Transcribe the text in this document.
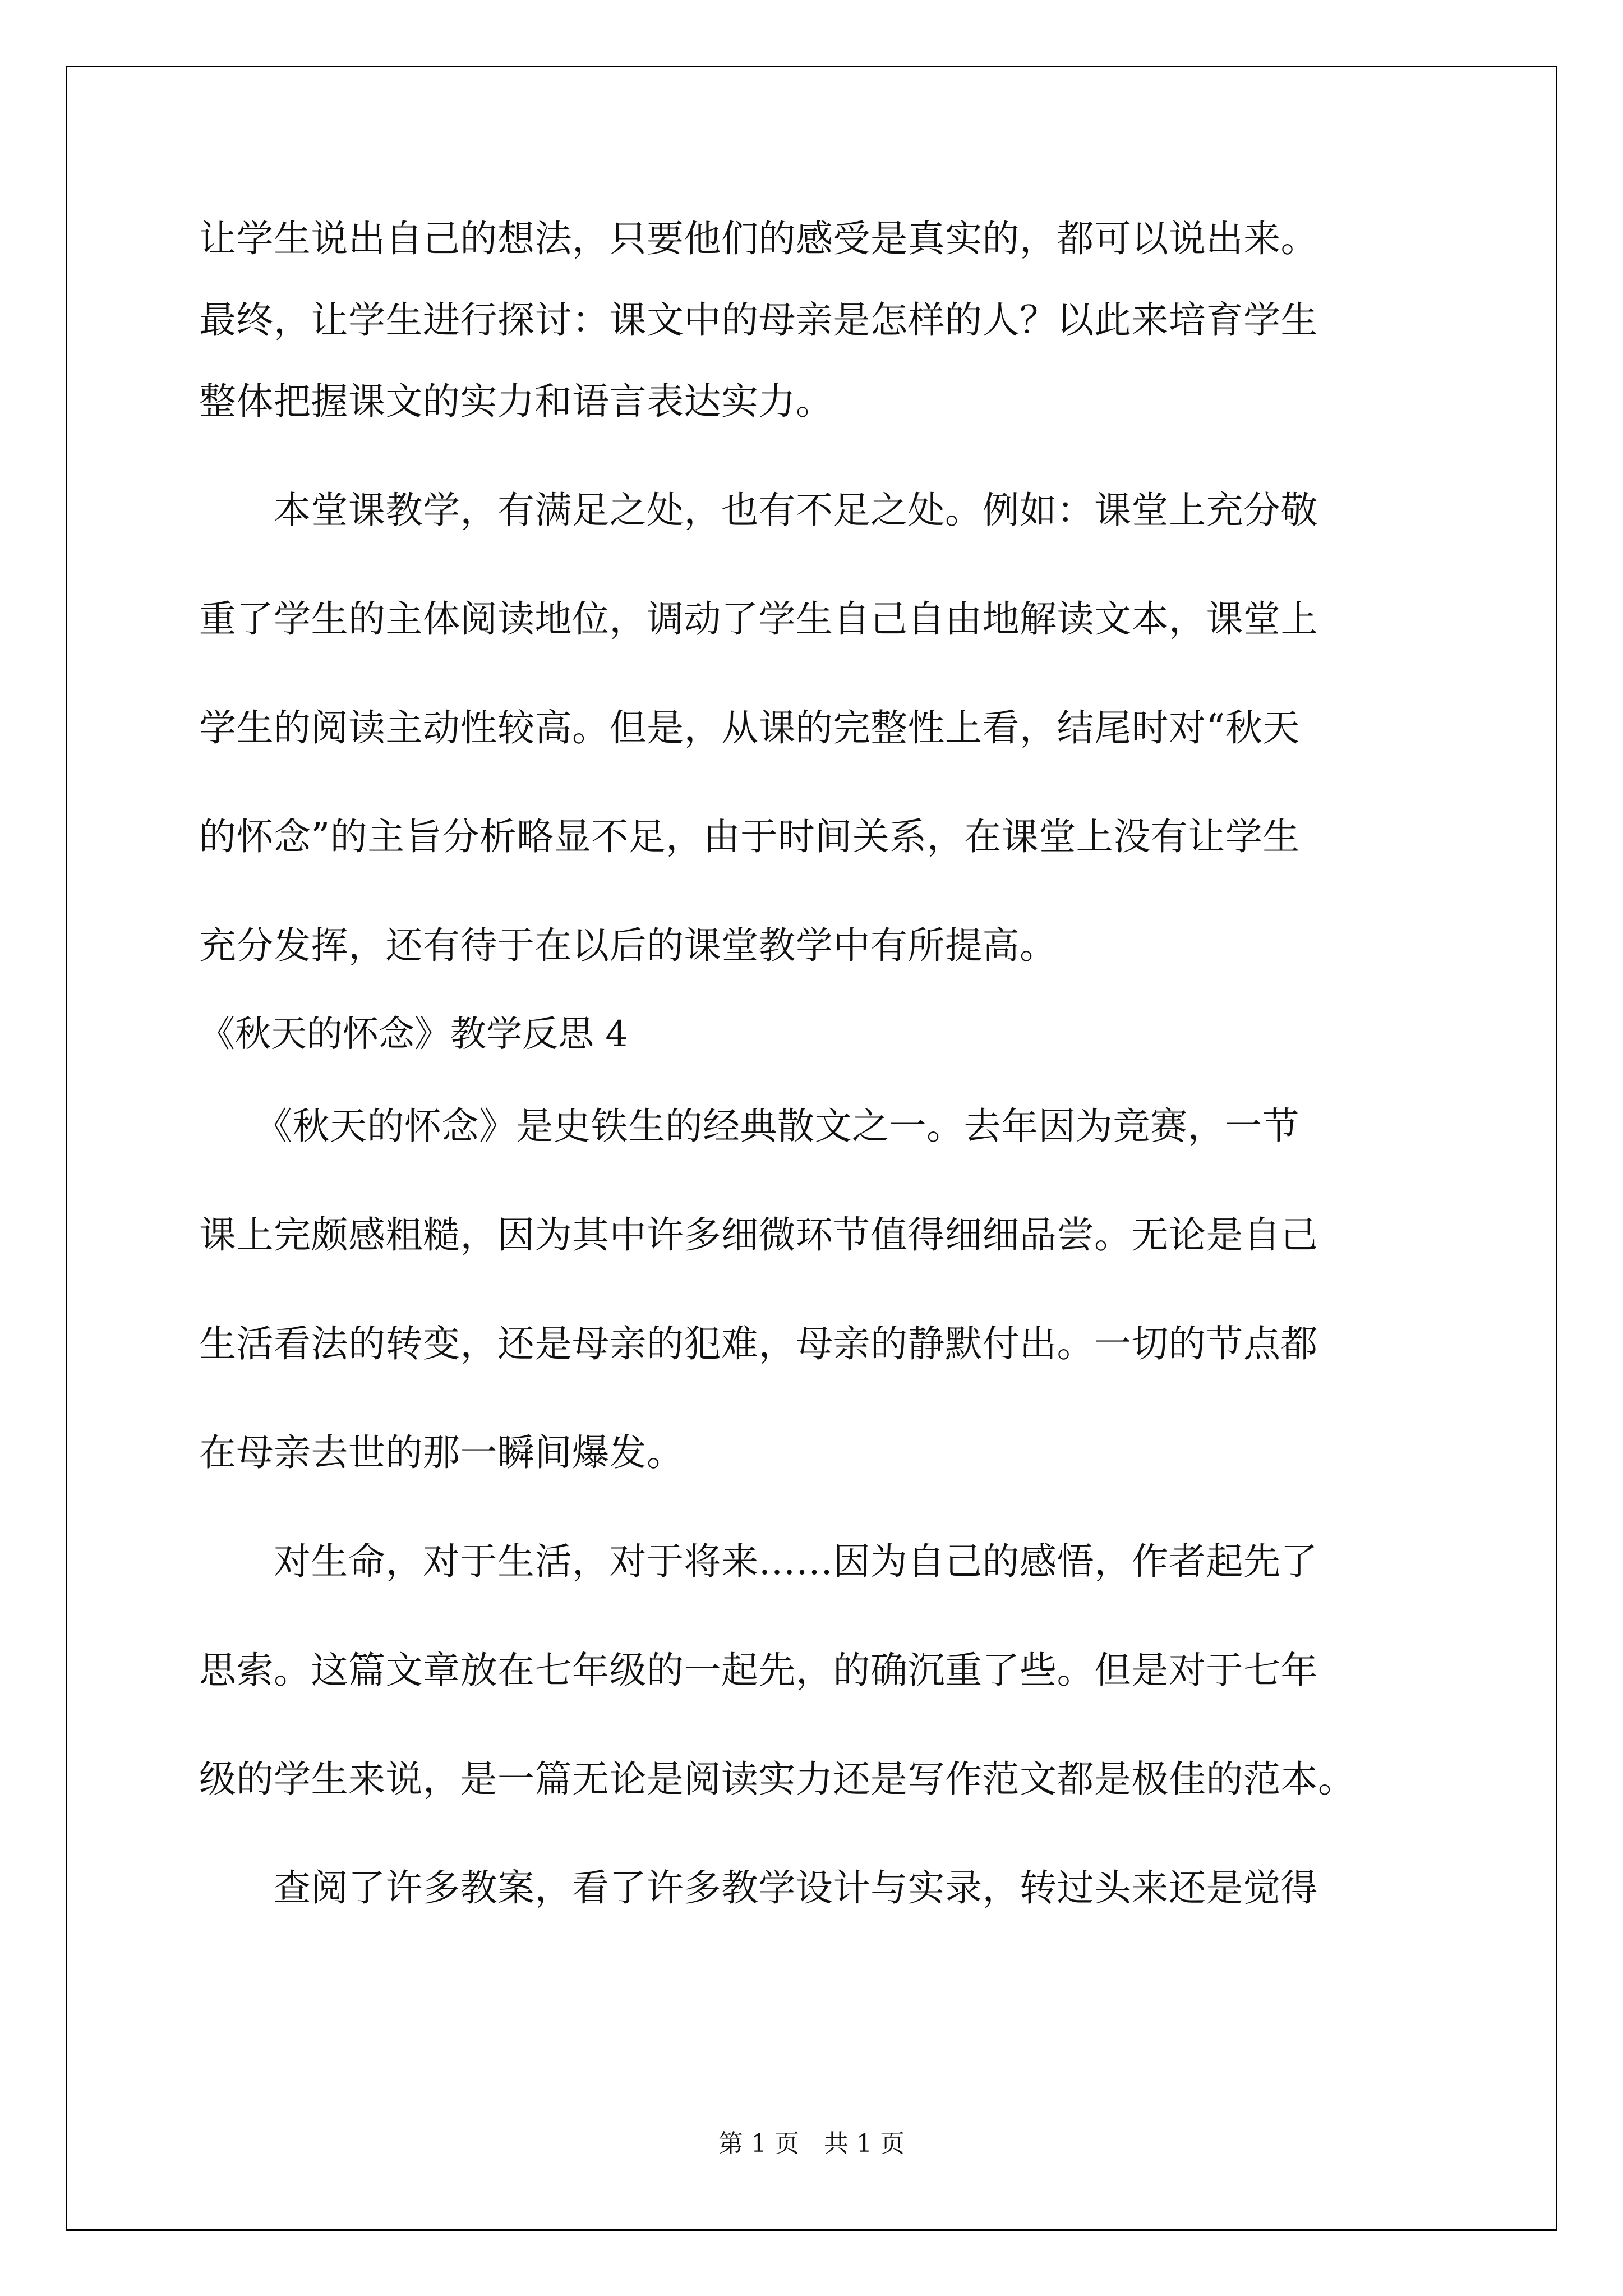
让学生说出自己的想法，只要他们的感受是真实的，都可以说出来。

最终，让学生进行探讨：课文中的母亲是怎样的人？以此来培育学生

整体把握课文的实力和语言表达实力。

　　本堂课教学，有满足之处，也有不足之处。例如：课堂上充分敬

重了学生的主体阅读地位，调动了学生自己自由地解读文本，课堂上

学生的阅读主动性较高。但是，从课的完整性上看，结尾时对“秋天

的怀念”的主旨分析略显不足，由于时间关系，在课堂上没有让学生

充分发挥，还有待于在以后的课堂教学中有所提高。

《秋天的怀念》教学反思 4

　　《秋天的怀念》是史铁生的经典散文之一。去年因为竞赛，一节

课上完颇感粗糙，因为其中许多细微环节值得细细品尝。无论是自己

生活看法的转变，还是母亲的犯难，母亲的静默付出。一切的节点都

在母亲去世的那一瞬间爆发。

　　对生命，对于生活，对于将来……因为自己的感悟，作者起先了

思索。这篇文章放在七年级的一起先，的确沉重了些。但是对于七年

级的学生来说，是一篇无论是阅读实力还是写作范文都是极佳的范本。

　　查阅了许多教案，看了许多教学设计与实录，转过头来还是觉得

第 1 页　共 1 页
